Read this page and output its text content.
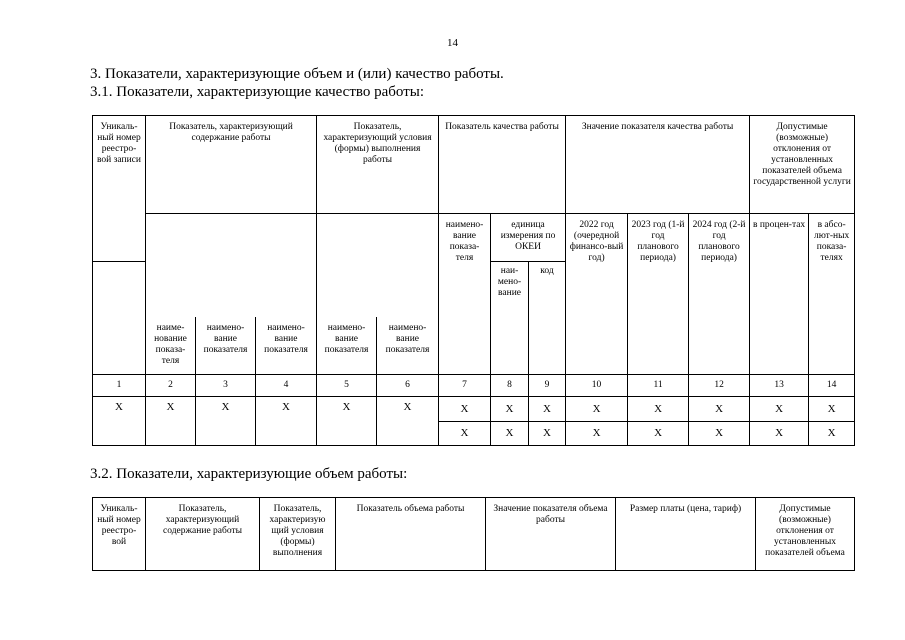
14
3. Показатели, характеризующие объем и (или) качество работы.
3.1. Показатели, характеризующие качество работы:
Уникаль-ный номер реестро-вой записи	Показатель, характеризующий содержание работы			Показатель, характеризующий условия (формы) выполнения работы		Показатель качества работы			Значение показателя качества работы			Допустимые (возможные) отклонения от установленных показателей объема государственной услуги	
						наимено-вание показа-теля	единица измерения по ОКЕИ		2022 год (очередной финансо-вый год)	2023 год (1-й год планового периода)	2024 год (2-й год планового периода)	в процен-тах	в абсо-лют-ных показа-телях
							наи-мено-вание	код					
	наиме-нование показа-теля	наимено-вание показателя	наимено-вание показателя	наимено-вание показателя	наимено-вание показателя								
1	2	3	4	5	6	7	8	9	10	11	12	13	14
X	X	X	X	X	X	X	X	X	X	X	X	X	X
						X	X	X	X	X	X	X	X
3.2. Показатели, характеризующие объем работы:
Уникаль-ный номер реестро-вой	Показатель, характеризующий содержание работы	Показатель, характеризую щий условия (формы) выполнения	Показатель объема работы	Значение показателя объема работы	Размер платы (цена, тариф)	Допустимые (возможные) отклонения от установленных показателей объема
